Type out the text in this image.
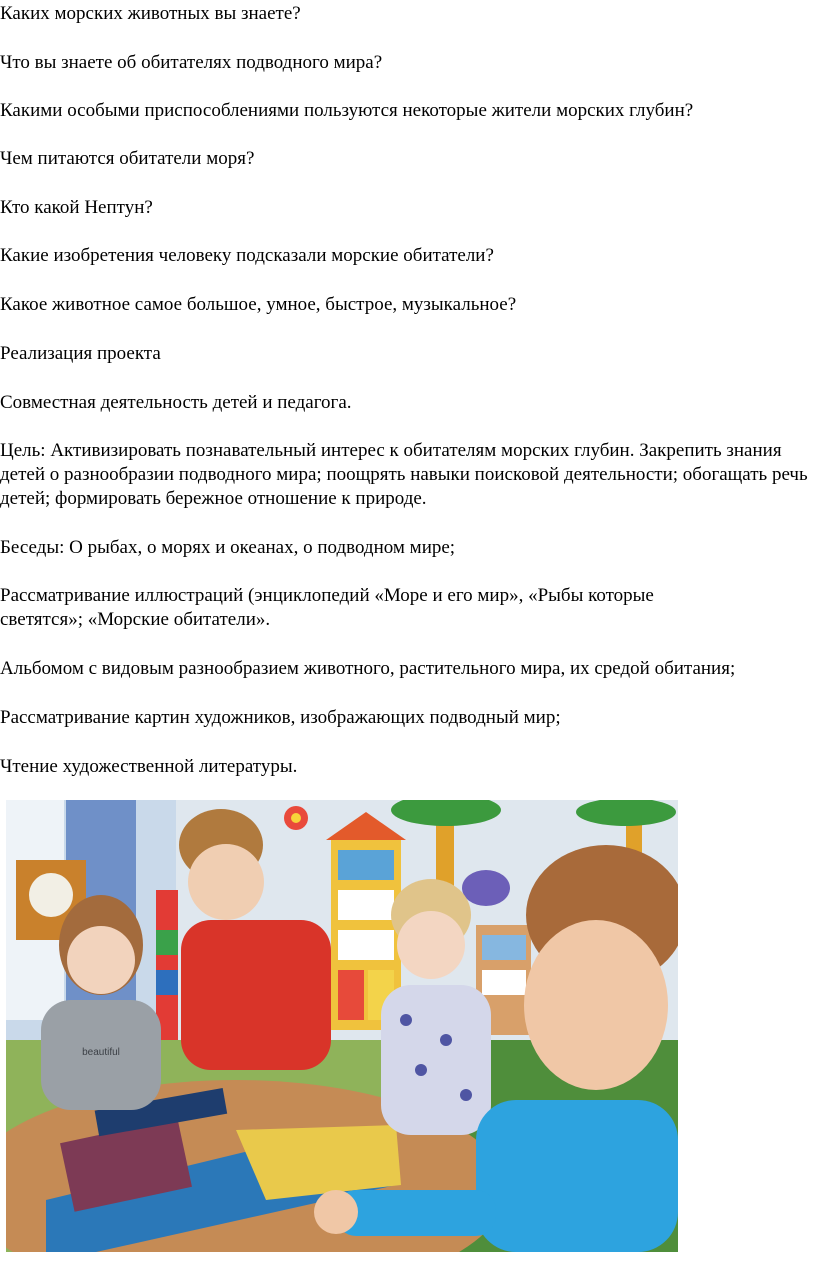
Каких морских животных вы знаете?

Что вы знаете об обитателях подводного мира?

Какими особыми приспособлениями пользуются некоторые жители морских глубин?

Чем питаются обитатели моря?

Кто какой Нептун?

Какие изобретения человеку подсказали морские обитатели?

Какое животное самое большое, умное, быстрое, музыкальное?

Реализация проекта

Совместная деятельность детей и педагога.

Цель: Активизировать познавательный интерес к обитателям морских глубин. Закрепить знания детей о разнообразии подводного мира; поощрять навыки поисковой деятельности; обогащать речь детей; формировать бережное отношение к природе.

Беседы: О рыбах, о морях и океанах, о подводном мире;

Рассматривание иллюстраций (энциклопедий «Море и его мир», «Рыбы которые светятся»; «Морские обитатели».

Альбомом с видовым разнообразием животного, растительного мира, их средой обитания;

Рассматривание картин художников, изображающих подводный мир;

Чтение художественной литературы.

beautiful
